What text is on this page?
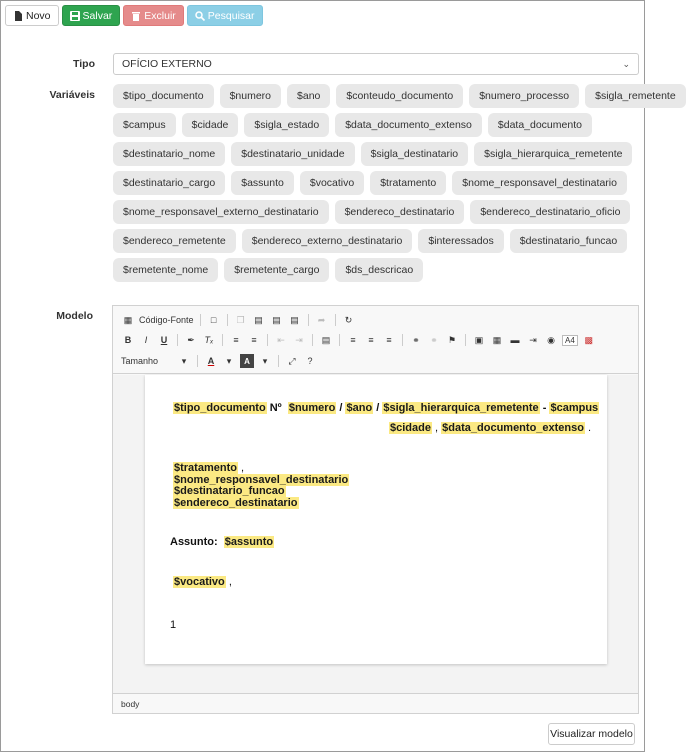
Novo	Salvar	Excluir	Pesquisar
Tipo	OFÍCIO EXTERNO	⌄
Variáveis	$tipo_documento	$numero	$ano	$conteudo_documento	$numero_processo	$sigla_remetente
$campus	$cidade	$sigla_estado	$data_documento_extenso	$data_documento
$destinatario_nome	$destinatario_unidade	$sigla_destinatario	$sigla_hierarquica_remetente
$destinatario_cargo	$assunto	$vocativo	$tratamento	$nome_responsavel_destinatario
$nome_responsavel_externo_destinatario	$endereco_destinatario	$endereco_destinatario_oficio
$endereco_remetente	$endereco_externo_destinatario	$interessados	$destinatario_funcao
$remetente_nome	$remetente_cargo	$ds_descricao
Modelo	▦ Código-Fonte	□	❐	▤	▤	▤	➦	↻
B	I	U	✒	Tₓ	≡	≡	⇤	⇥	▤	≡	≡	≡	⚭	⚭	⚑	▣	▦	▬	⇥	◉	A4	▩
Tamanho	▾	A	▾	A	▾	⤢	?
$tipo_documento Nº $numero / $ano / $sigla_hierarquica_remetente - $campus
$cidade , $data_documento_extenso .
$tratamento ,
$nome_responsavel_destinatario
$destinatario_funcao
$endereco_destinatario
Assunto: $assunto
$vocativo ,
1
body
Visualizar modelo
